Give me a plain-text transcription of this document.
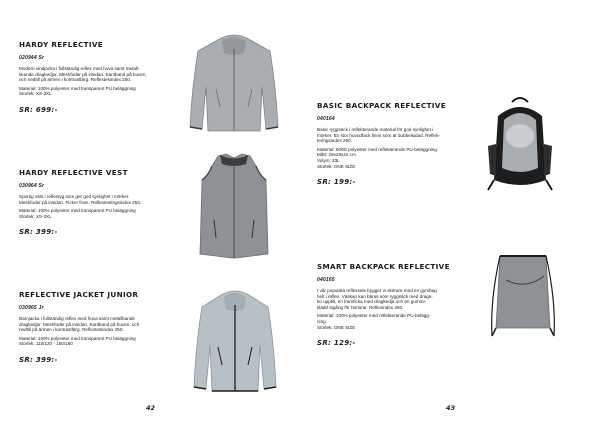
HARDY REFLECTIVE
020944 Sr
Modern vindjacka i fullständig reflex med huva samt metall-
kkande dragkedjor. Meshfoder på insidan. Kantband på huven,
och nedtill på ärmen i kontrastfärg. Reflextesindex 250.
Material: 100% polyester med transparent PU beläggning
Storlek: XS-3XL
SR: 699:-
HARDY REFLECTIVE VEST
030964 Sr
Sportig väst i reflextyg som ger god synlighet i mörker.
Meshfoder på insidan. Fickor fram. Reflextestingsindex 250.
Material: 100% polyester med transparent PU beläggning
Storlek: XS-3XL
SR: 399:-
REFLECTIVE JACKET JUNIOR
030965 Jr
Barnjacka i fullständig reflex med huva samt metallkande
dragkedjor. Meshfoder på insidan. Kantband på huven, och
nedtill på ärmen i kontrastfärg. Reflextestindex 250.
Material: 100% polyester med transparent PU beläggning
Storlek: 110/120 - 150/160
SR: 399:-
42
BASIC BACKPACK REFLECTIVE
040164
Basic ryggsäck i reflekterande material för god synlighet i
mörker. En stor huvudfack finns som är dubbelsidad. Reflek-
teringsindex 250.
Material: 600D polyester med reflekterande PU-beläggning.
Mått: 29x28x42 cm
Volym: 23L
Storlek: ONE SIZE
SR: 199:-
SMART BACKPACK REFLECTIVE
040165
I vår populära reflexsele bygger vi skörare med en gymbag
helt i reflex. Väskan kan bäras som ryggsäck med drags-
ko upptill, en framficka med dragkedja och en gummi-
klädd stgång för hörlurar. Reflexindex 250.
Material: 100% polyester med reflekterande PU-belägg-
ning.
Storlek: ONE SIZE
SR: 129:-
43
